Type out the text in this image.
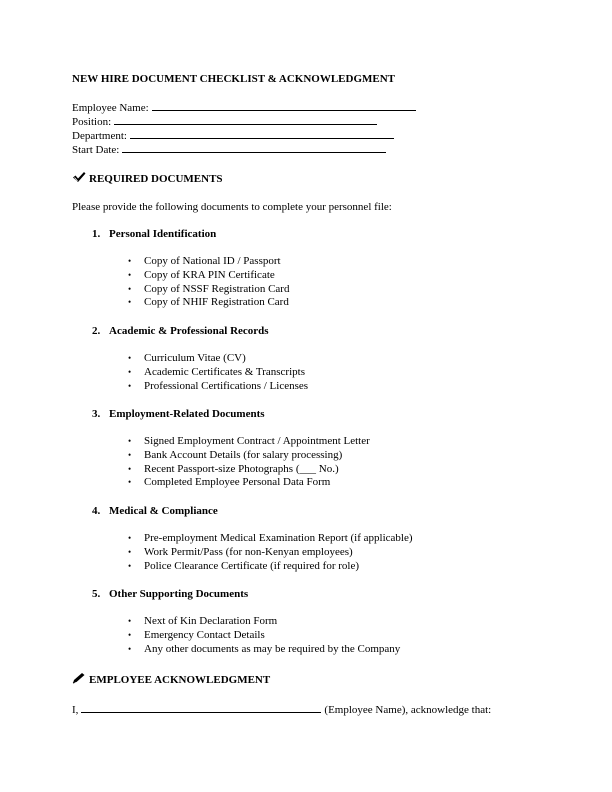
NEW HIRE DOCUMENT CHECKLIST & ACKNOWLEDGMENT
Employee Name:
Position:
Department:
Start Date:
REQUIRED DOCUMENTS
Please provide the following documents to complete your personnel file:
1. Personal Identification
• Copy of National ID / Passport
• Copy of KRA PIN Certificate
• Copy of NSSF Registration Card
• Copy of NHIF Registration Card
2. Academic & Professional Records
• Curriculum Vitae (CV)
• Academic Certificates & Transcripts
• Professional Certifications / Licenses
3. Employment-Related Documents
• Signed Employment Contract / Appointment Letter
• Bank Account Details (for salary processing)
• Recent Passport-size Photographs (___ No.)
• Completed Employee Personal Data Form
4. Medical & Compliance
• Pre-employment Medical Examination Report (if applicable)
• Work Permit/Pass (for non-Kenyan employees)
• Police Clearance Certificate (if required for role)
5. Other Supporting Documents
• Next of Kin Declaration Form
• Emergency Contact Details
• Any other documents as may be required by the Company
EMPLOYEE ACKNOWLEDGMENT
I,	(Employee Name), acknowledge that:
